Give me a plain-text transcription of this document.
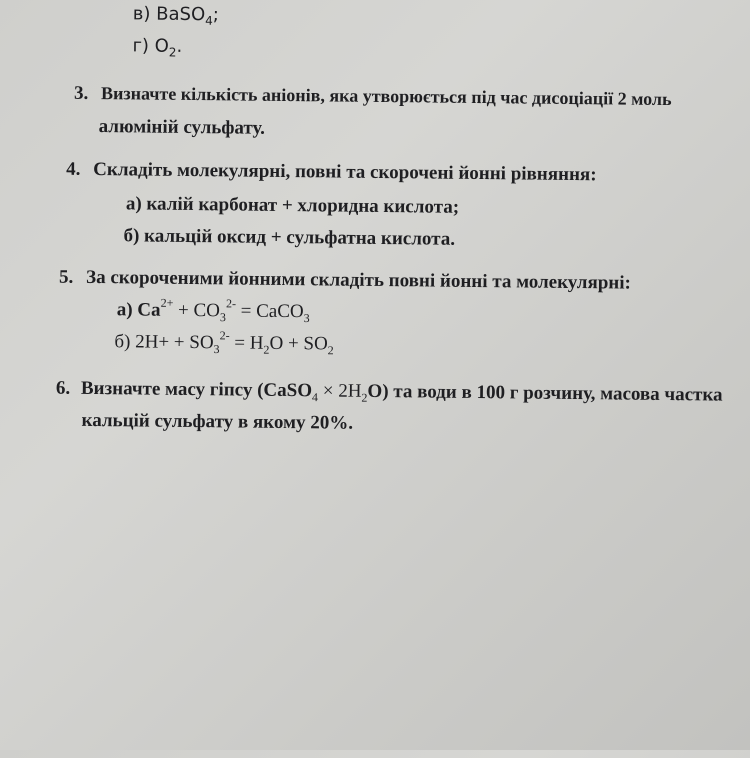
в) BaSO$_4$;
г) $O_2$.
3. Визначте кількість аніонів, яка утворюється під час дисоціації 2 моль
алюміній сульфату.
4. Складіть молекулярні, повні та скорочені йонні рівняння:
а) калій карбонат + хлоридна кислота;
б) кальцій оксид + сульфатна кислота.
5. За скороченими йонними складіть повні йонні та молекулярні:
а) $Ca^{2+} + CO_3^{2-}$ = CaCO$_3$
б) $2H+ + SO_3^{2-} = H_2O + SO_2$
6. Визначте масу гіпсу (CaSO$_4$ × $2H_2O$) та води в 100 г розчину, масова частка
кальцій сульфату в якому 20%.
